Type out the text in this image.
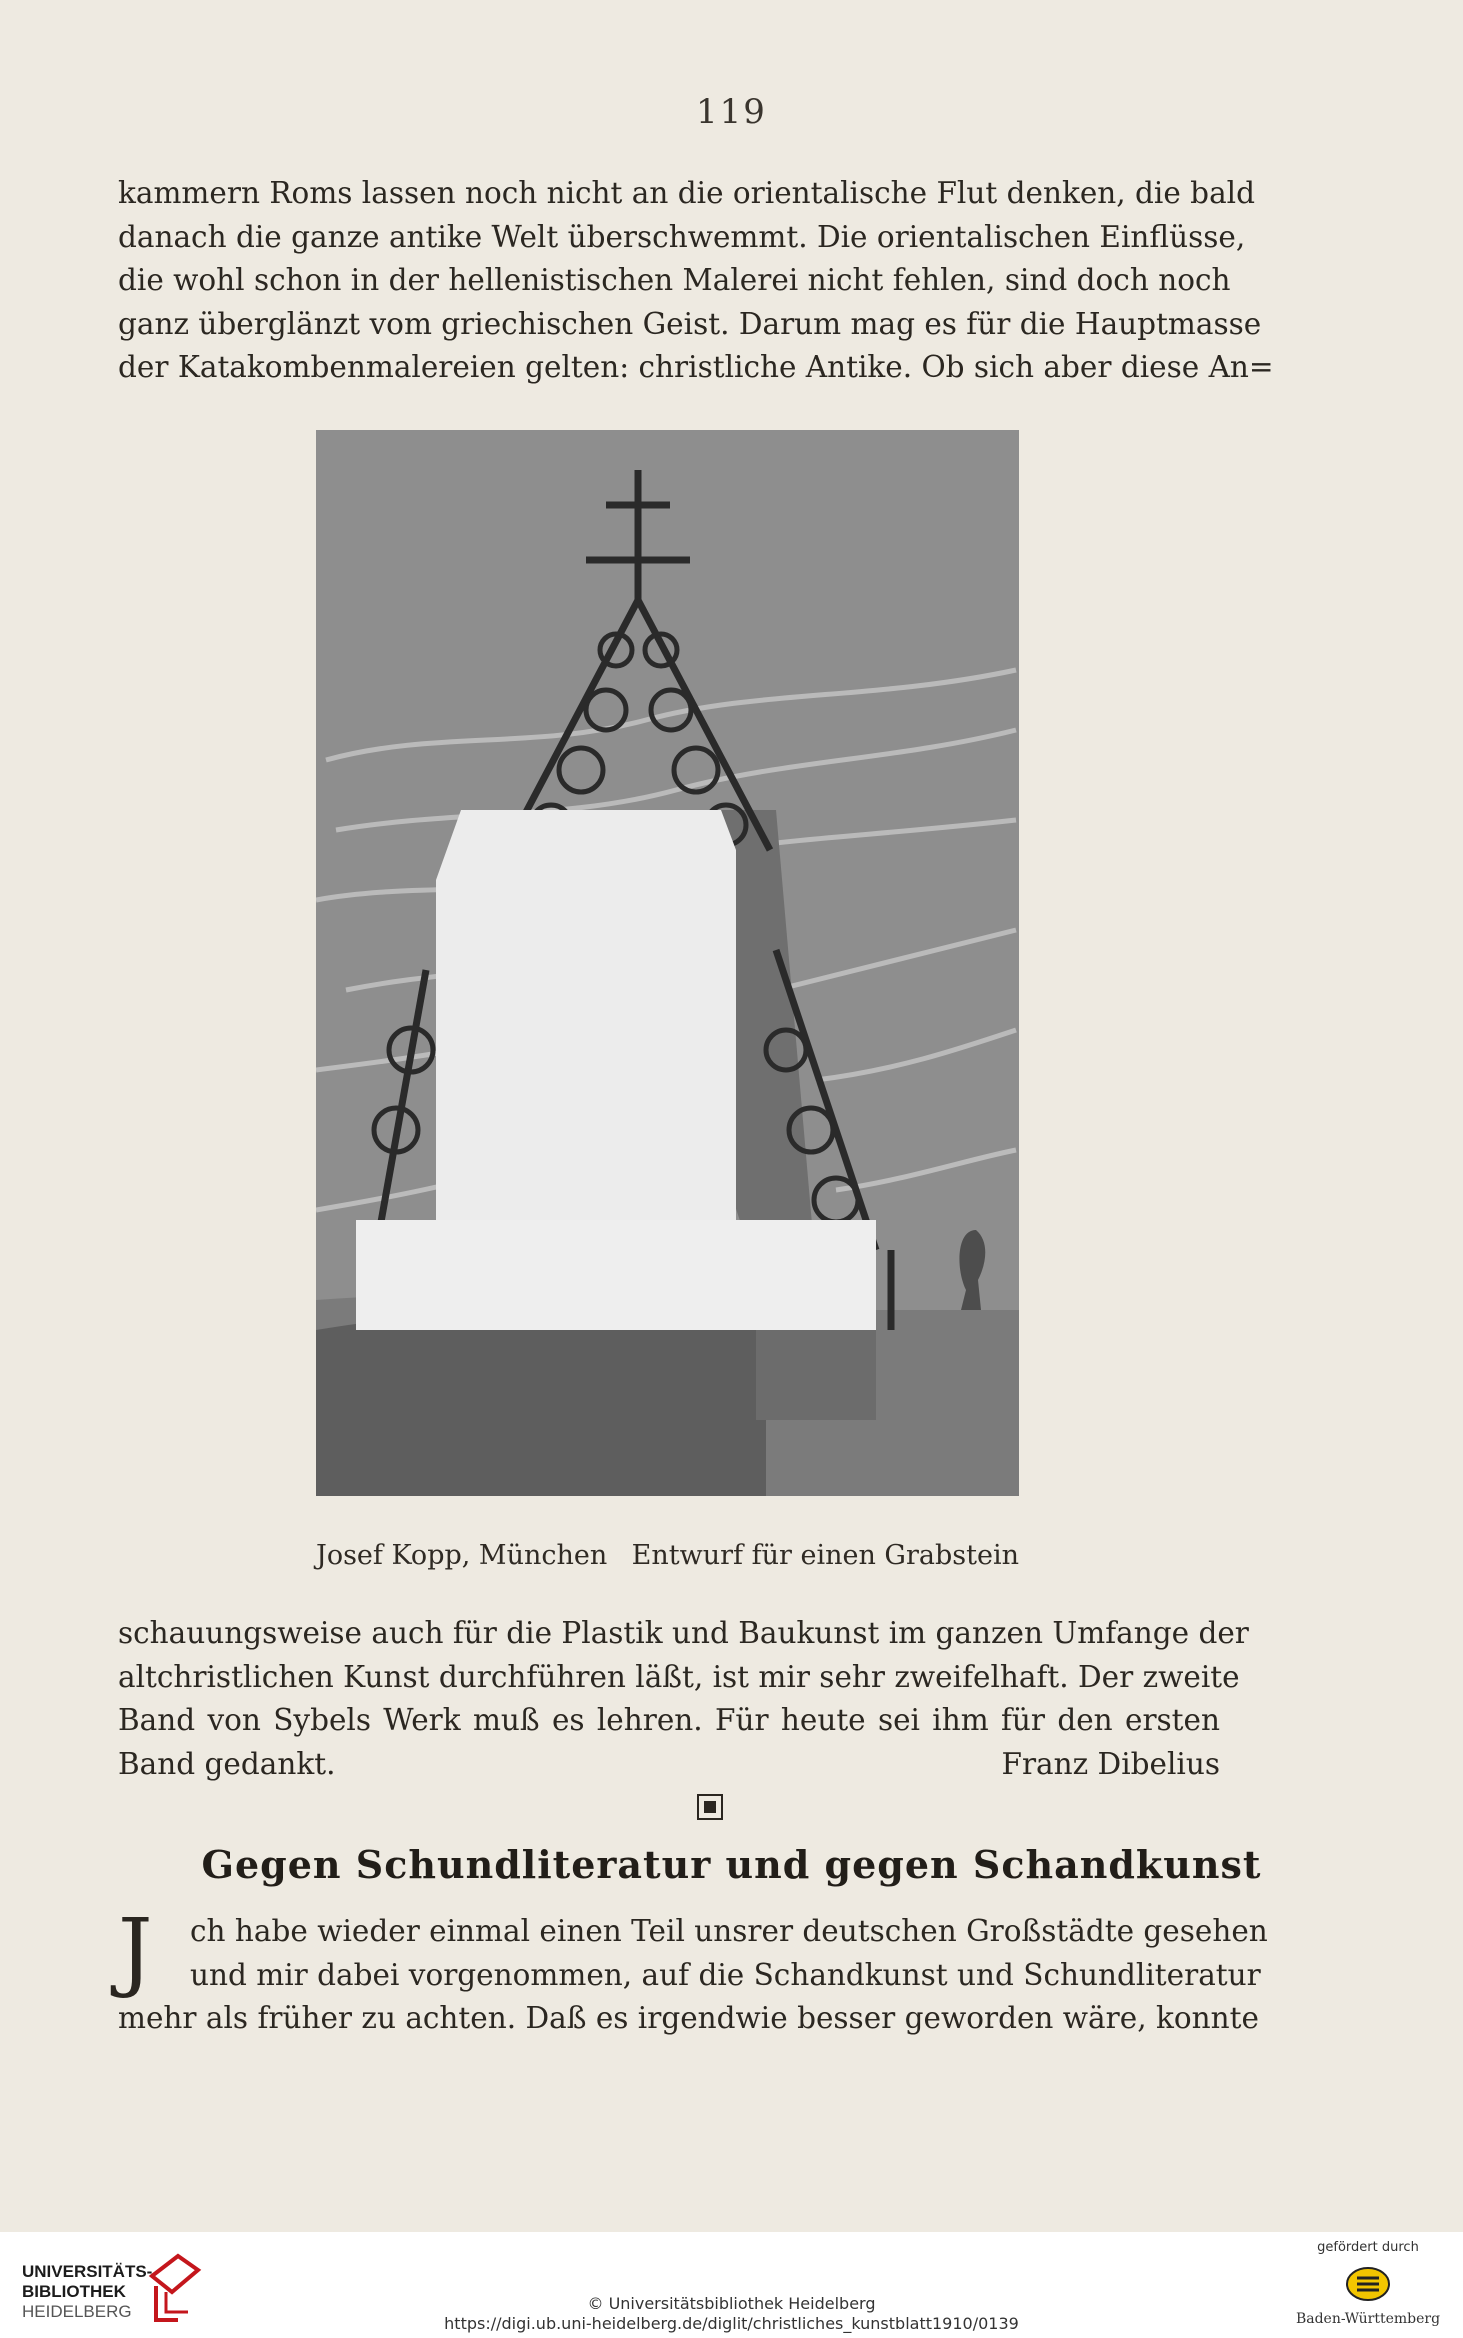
119
kammern Roms lassen noch nicht an die orientalische Flut denken, die bald
danach die ganze antike Welt überschwemmt. Die orientalischen Einflüsse,
die wohl schon in der hellenistischen Malerei nicht fehlen, sind doch noch
ganz überglänzt vom griechischen Geist. Darum mag es für die Hauptmasse
der Katakombenmalereien gelten: christliche Antike. Ob sich aber diese An=
Josef Kopp, München Entwurf für einen Grabstein
schauungsweise auch für die Plastik und Baukunst im ganzen Umfange der
altchristlichen Kunst durchführen läßt, ist mir sehr zweifelhaft. Der zweite
Band von Sybels Werk muß es lehren. Für heute sei ihm für den ersten
Band gedankt.	Franz Dibelius
Gegen Schundliteratur und gegen Schandkunst
J	ch habe wieder einmal einen Teil unsrer deutschen Großstädte gesehen
und mir dabei vorgenommen, auf die Schandkunst und Schundliteratur
mehr als früher zu achten. Daß es irgendwie besser geworden wäre, konnte
UNIVERSITÄTS-
BIBLIOTHEK
HEIDELBERG	© Universitätsbibliothek Heidelberg
https://digi.ub.uni-heidelberg.de/diglit/christliches_kunstblatt1910/0139
gefördert durch
Baden-Württemberg
